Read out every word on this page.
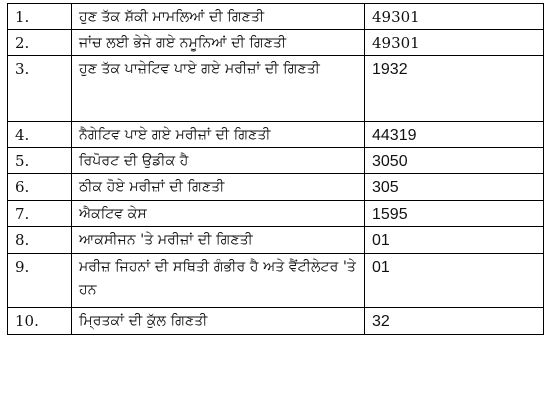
1.	ਹੁਣ ਤੱਕ ਸ਼ੱਕੀ ਮਾਮਲਿਆਂ ਦੀ ਗਿਣਤੀ	49301
2.	ਜਾਂਚ ਲਈ ਭੇਜੇ ਗਏ ਨਮੂਨਿਆਂ ਦੀ ਗਿਣਤੀ	49301
3.	ਹੁਣ ਤੱਕ ਪਾਜ਼ੇਟਿਵ ਪਾਏ ਗਏ ਮਰੀਜ਼ਾਂ ਦੀ ਗਿਣਤੀ	1932
4.	ਨੈਗੇਟਿਵ ਪਾਏ ਗਏ ਮਰੀਜ਼ਾਂ ਦੀ ਗਿਣਤੀ	44319
5.	ਰਿਪੋਰਟ ਦੀ ਉਡੀਕ ਹੈ	3050
6.	ਠੀਕ ਹੋਏ ਮਰੀਜ਼ਾਂ ਦੀ ਗਿਣਤੀ	305
7.	ਐਕਟਿਵ ਕੇਸ	1595
8.	ਆਕਸੀਜਨ 'ਤੇ ਮਰੀਜ਼ਾਂ ਦੀ ਗਿਣਤੀ	01
9.	ਮਰੀਜ਼ ਜਿਹਨਾਂ ਦੀ ਸਥਿਤੀ ਗੰਭੀਰ ਹੈ ਅਤੇ ਵੈਂਟੀਲੇਟਰ 'ਤੇ ਹਨ	01
10.	ਮ੍ਰਿਤਕਾਂ ਦੀ ਕੁੱਲ ਗਿਣਤੀ	32
